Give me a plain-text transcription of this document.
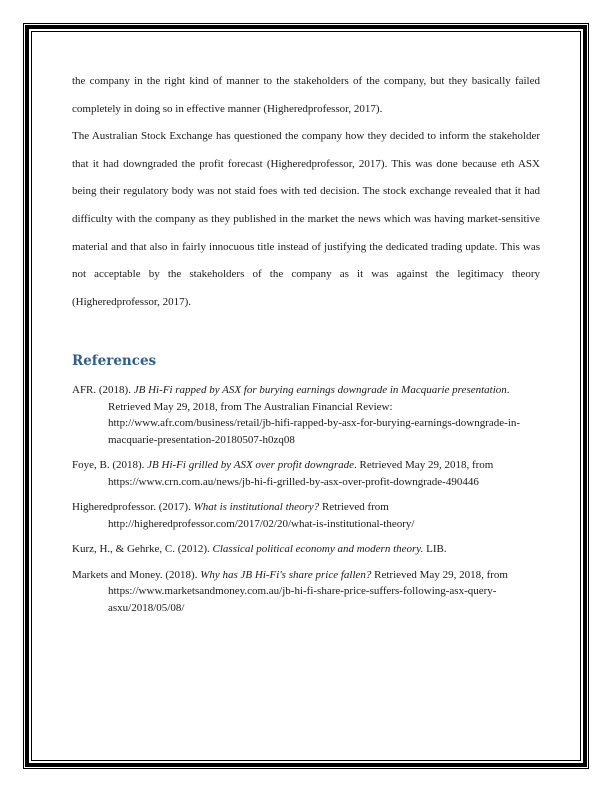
the company in the right kind of manner to the stakeholders of the company, but they basically failed completely in doing so in effective manner (Higheredprofessor, 2017).

The Australian Stock Exchange has questioned the company how they decided to inform the stakeholder that it had downgraded the profit forecast (Higheredprofessor, 2017). This was done because eth ASX being their regulatory body was not staid foes with ted decision. The stock exchange revealed that it had difficulty with the company as they published in the market the news which was having market-sensitive material and that also in fairly innocuous title instead of justifying the dedicated trading update. This was not acceptable by the stakeholders of the company as it was against the legitimacy theory (Higheredprofessor, 2017).

References

AFR. (2018). JB Hi-Fi rapped by ASX for burying earnings downgrade in Macquarie presentation. Retrieved May 29, 2018, from The Australian Financial Review: http://www.afr.com/business/retail/jb-hifi-rapped-by-asx-for-burying-earnings-downgrade-in-macquarie-presentation-20180507-h0zq08

Foye, B. (2018). JB Hi-Fi grilled by ASX over profit downgrade. Retrieved May 29, 2018, from https://www.crn.com.au/news/jb-hi-fi-grilled-by-asx-over-profit-downgrade-490446

Higheredprofessor. (2017). What is institutional theory? Retrieved from http://higheredprofessor.com/2017/02/20/what-is-institutional-theory/

Kurz, H., & Gehrke, C. (2012). Classical political economy and modern theory. LIB.

Markets and Money. (2018). Why has JB Hi-Fi's share price fallen? Retrieved May 29, 2018, from https://www.marketsandmoney.com.au/jb-hi-fi-share-price-suffers-following-asx-query-asxu/2018/05/08/
